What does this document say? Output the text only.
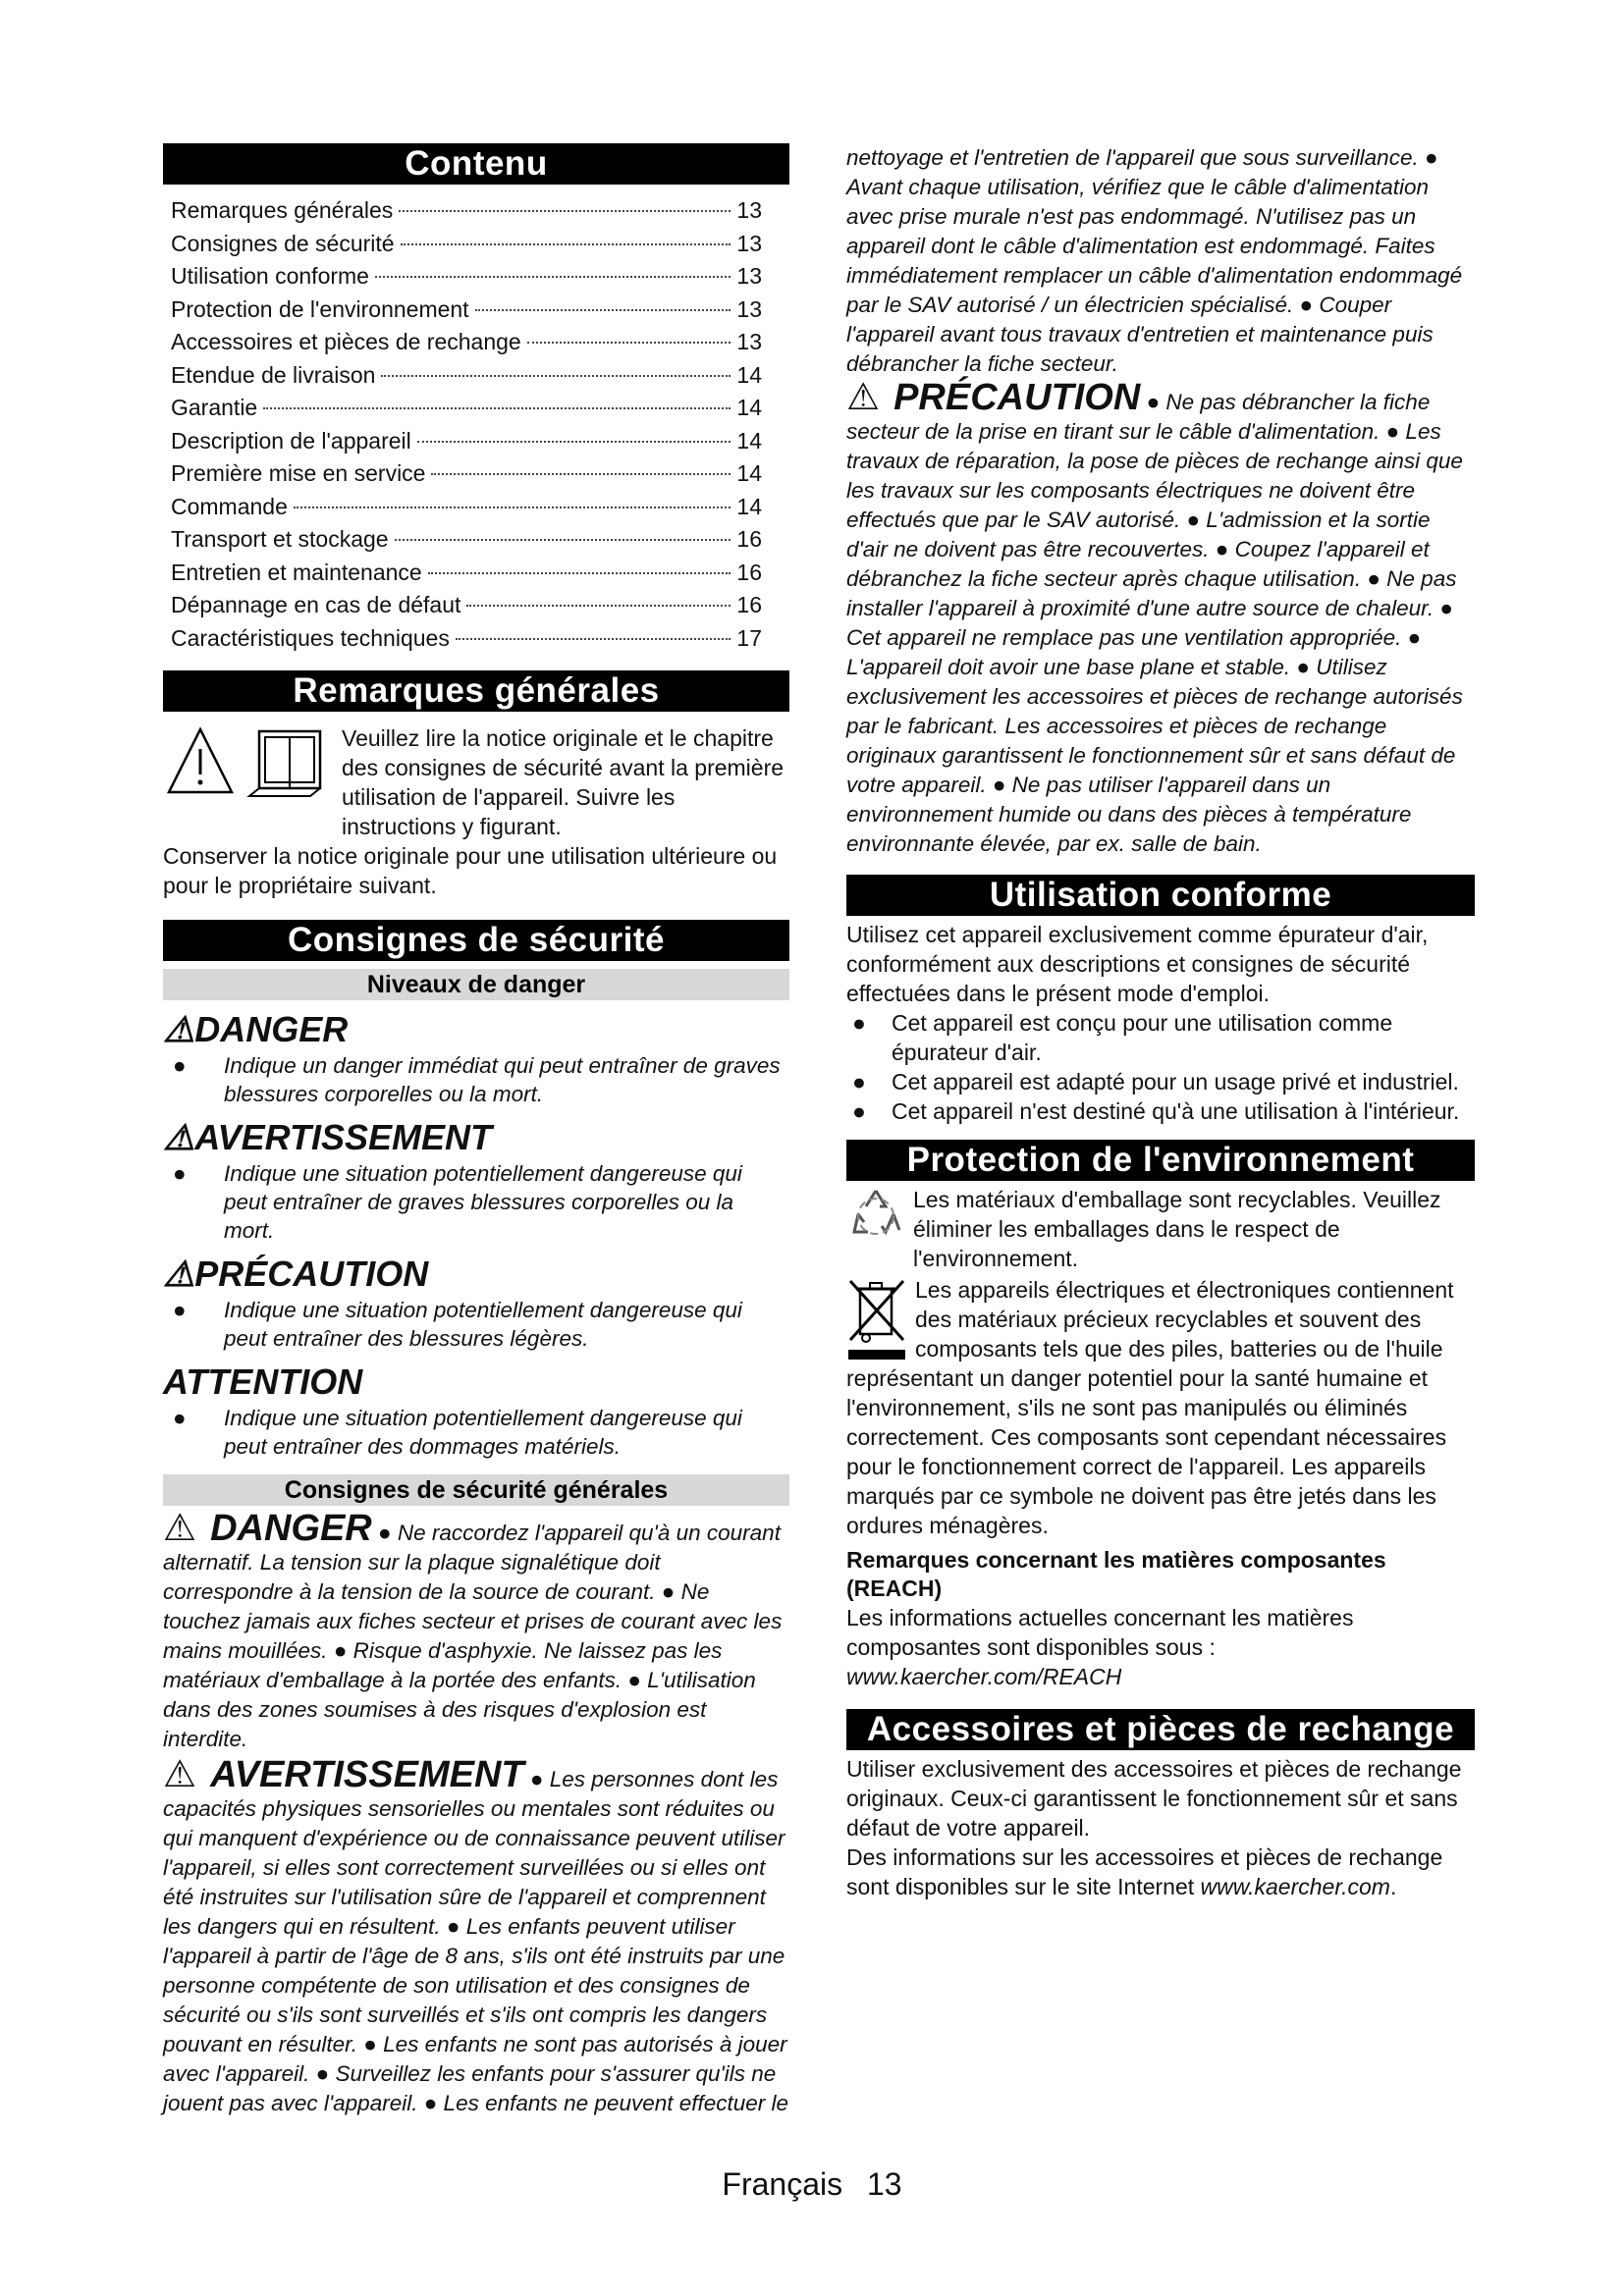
Contenu
Remarques générales	13
Consignes de sécurité	13
Utilisation conforme	13
Protection de l'environnement	13
Accessoires et pièces de rechange	13
Etendue de livraison	14
Garantie	14
Description de l'appareil	14
Première mise en service	14
Commande	14
Transport et stockage	16
Entretien et maintenance	16
Dépannage en cas de défaut	16
Caractéristiques techniques	17
Remarques générales

Veuillez lire la notice originale et le chapitre des consignes de sécurité avant la première utilisation de l'appareil. Suivre les instructions y figurant.

Conserver la notice originale pour une utilisation ultérieure ou pour le propriétaire suivant.

Consignes de sécurité
Niveaux de danger
⚠DANGER
●	Indique un danger immédiat qui peut entraîner de graves blessures corporelles ou la mort.
⚠AVERTISSEMENT
●	Indique une situation potentiellement dangereuse qui peut entraîner de graves blessures corporelles ou la mort.
⚠PRÉCAUTION
●	Indique une situation potentiellement dangereuse qui peut entraîner des blessures légères.
ATTENTION
●	Indique une situation potentiellement dangereuse qui peut entraîner des dommages matériels.
Consignes de sécurité générales

⚠ DANGER ● Ne raccordez l'appareil qu'à un courant alternatif. La tension sur la plaque signalétique doit correspondre à la tension de la source de courant. ● Ne touchez jamais aux fiches secteur et prises de courant avec les mains mouillées. ● Risque d'asphyxie. Ne laissez pas les matériaux d'emballage à la portée des enfants. ● L'utilisation dans des zones soumises à des risques d'explosion est interdite.

⚠ AVERTISSEMENT ● Les personnes dont les capacités physiques sensorielles ou mentales sont réduites ou qui manquent d'expérience ou de connaissance peuvent utiliser l'appareil, si elles sont correctement surveillées ou si elles ont été instruites sur l'utilisation sûre de l'appareil et comprennent les dangers qui en résultent. ● Les enfants peuvent utiliser l'appareil à partir de l'âge de 8 ans, s'ils ont été instruits par une personne compétente de son utilisation et des consignes de sécurité ou s'ils sont surveillés et s'ils ont compris les dangers pouvant en résulter. ● Les enfants ne sont pas autorisés à jouer avec l'appareil. ● Surveillez les enfants pour s'assurer qu'ils ne jouent pas avec l'appareil. ● Les enfants ne peuvent effectuer le

nettoyage et l'entretien de l'appareil que sous surveillance. ● Avant chaque utilisation, vérifiez que le câble d'alimentation avec prise murale n'est pas endommagé. N'utilisez pas un appareil dont le câble d'alimentation est endommagé. Faites immédiatement remplacer un câble d'alimentation endommagé par le SAV autorisé / un électricien spécialisé. ● Couper l'appareil avant tous travaux d'entretien et maintenance puis débrancher la fiche secteur.

⚠ PRÉCAUTION ● Ne pas débrancher la fiche secteur de la prise en tirant sur le câble d'alimentation. ● Les travaux de réparation, la pose de pièces de rechange ainsi que les travaux sur les composants électriques ne doivent être effectués que par le SAV autorisé. ● L'admission et la sortie d'air ne doivent pas être recouvertes. ● Coupez l'appareil et débranchez la fiche secteur après chaque utilisation. ● Ne pas installer l'appareil à proximité d'une autre source de chaleur. ● Cet appareil ne remplace pas une ventilation appropriée. ● L'appareil doit avoir une base plane et stable. ● Utilisez exclusivement les accessoires et pièces de rechange autorisés par le fabricant. Les accessoires et pièces de rechange originaux garantissent le fonctionnement sûr et sans défaut de votre appareil. ● Ne pas utiliser l'appareil dans un environnement humide ou dans des pièces à température environnante élevée, par ex. salle de bain.

Utilisation conforme

Utilisez cet appareil exclusivement comme épurateur d'air, conformément aux descriptions et consignes de sécurité effectuées dans le présent mode d'emploi.

●	Cet appareil est conçu pour une utilisation comme épurateur d'air.
●	Cet appareil est adapté pour un usage privé et industriel.
●	Cet appareil n'est destiné qu'à une utilisation à l'intérieur.
Protection de l'environnement

Les matériaux d'emballage sont recyclables. Veuillez éliminer les emballages dans le respect de l'environnement.

Les appareils électriques et électroniques contiennent des matériaux précieux recyclables et souvent des composants tels que des piles, batteries ou de l'huile représentant un danger potentiel pour la santé humaine et l'environnement, s'ils ne sont pas manipulés ou éliminés correctement. Ces composants sont cependant nécessaires pour le fonctionnement correct de l'appareil. Les appareils marqués par ce symbole ne doivent pas être jetés dans les ordures ménagères.

Remarques concernant les matières composantes (REACH)

Les informations actuelles concernant les matières composantes sont disponibles sous : www.kaercher.com/REACH

Accessoires et pièces de rechange

Utiliser exclusivement des accessoires et pièces de rechange originaux. Ceux-ci garantissent le fonctionnement sûr et sans défaut de votre appareil.

Des informations sur les accessoires et pièces de rechange sont disponibles sur le site Internet www.kaercher.com.

Français 13
